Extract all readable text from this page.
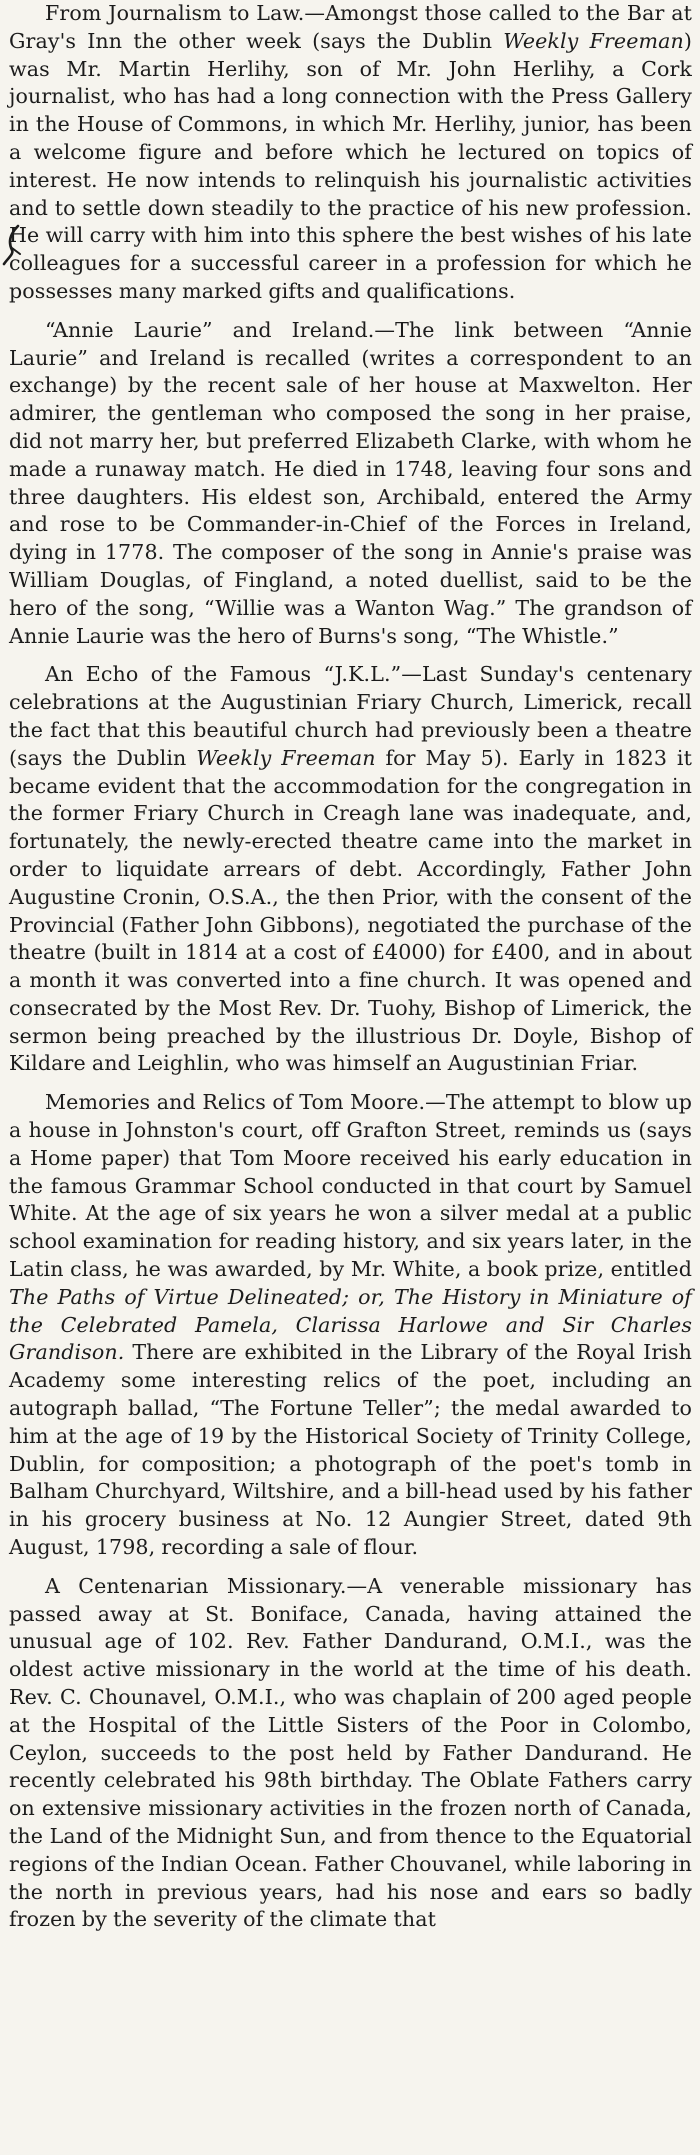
From Journalism to Law.—Amongst those called to the Bar at Gray's Inn the other week (says the Dublin Weekly Freeman) was Mr. Martin Herlihy, son of Mr. John Herlihy, a Cork journalist, who has had a long connection with the Press Gallery in the House of Commons, in which Mr. Herlihy, junior, has been a welcome figure and before which he lectured on topics of interest. He now intends to relinquish his journalistic activities and to settle down steadily to the practice of his new profession. He will carry with him into this sphere the best wishes of his late colleagues for a successful career in a profession for which he possesses many marked gifts and qualifications.

“Annie Laurie” and Ireland.—The link between “Annie Laurie” and Ireland is recalled (writes a correspondent to an exchange) by the recent sale of her house at Maxwelton. Her admirer, the gentleman who composed the song in her praise, did not marry her, but preferred Elizabeth Clarke, with whom he made a runaway match. He died in 1748, leaving four sons and three daughters. His eldest son, Archibald, entered the Army and rose to be Commander-in-Chief of the Forces in Ireland, dying in 1778. The composer of the song in Annie's praise was William Douglas, of Fingland, a noted duellist, said to be the hero of the song, “Willie was a Wanton Wag.” The grandson of Annie Laurie was the hero of Burns's song, “The Whistle.”

An Echo of the Famous “J.K.L.”—Last Sunday's centenary celebrations at the Augustinian Friary Church, Limerick, recall the fact that this beautiful church had previously been a theatre (says the Dublin Weekly Freeman for May 5). Early in 1823 it became evident that the accommodation for the congregation in the former Friary Church in Creagh lane was inadequate, and, fortunately, the newly-erected theatre came into the market in order to liquidate arrears of debt. Accordingly, Father John Augustine Cronin, O.S.A., the then Prior, with the consent of the Provincial (Father John Gibbons), negotiated the purchase of the theatre (built in 1814 at a cost of £4000) for £400, and in about a month it was converted into a fine church. It was opened and consecrated by the Most Rev. Dr. Tuohy, Bishop of Limerick, the sermon being preached by the illustrious Dr. Doyle, Bishop of Kildare and Leighlin, who was himself an Augustinian Friar.

Memories and Relics of Tom Moore.—The attempt to blow up a house in Johnston's court, off Grafton Street, reminds us (says a Home paper) that Tom Moore received his early education in the famous Grammar School conducted in that court by Samuel White. At the age of six years he won a silver medal at a public school examination for reading history, and six years later, in the Latin class, he was awarded, by Mr. White, a book prize, entitled The Paths of Virtue Delineated; or, The History in Miniature of the Celebrated Pamela, Clarissa Harlowe and Sir Charles Grandison. There are exhibited in the Library of the Royal Irish Academy some interesting relics of the poet, including an autograph ballad, “The Fortune Teller”; the medal awarded to him at the age of 19 by the Historical Society of Trinity College, Dublin, for composition; a photograph of the poet's tomb in Balham Churchyard, Wiltshire, and a bill-head used by his father in his grocery business at No. 12 Aungier Street, dated 9th August, 1798, recording a sale of flour.

A Centenarian Missionary.—A venerable missionary has passed away at St. Boniface, Canada, having attained the unusual age of 102. Rev. Father Dandurand, O.M.I., was the oldest active missionary in the world at the time of his death. Rev. C. Chounavel, O.M.I., who was chaplain of 200 aged people at the Hospital of the Little Sisters of the Poor in Colombo, Ceylon, succeeds to the post held by Father Dandurand. He recently celebrated his 98th birthday. The Oblate Fathers carry on extensive missionary activities in the frozen north of Canada, the Land of the Midnight Sun, and from thence to the Equatorial regions of the Indian Ocean. Father Chouvanel, while laboring in the north in previous years, had his nose and ears so badly frozen by the severity of the climate that
